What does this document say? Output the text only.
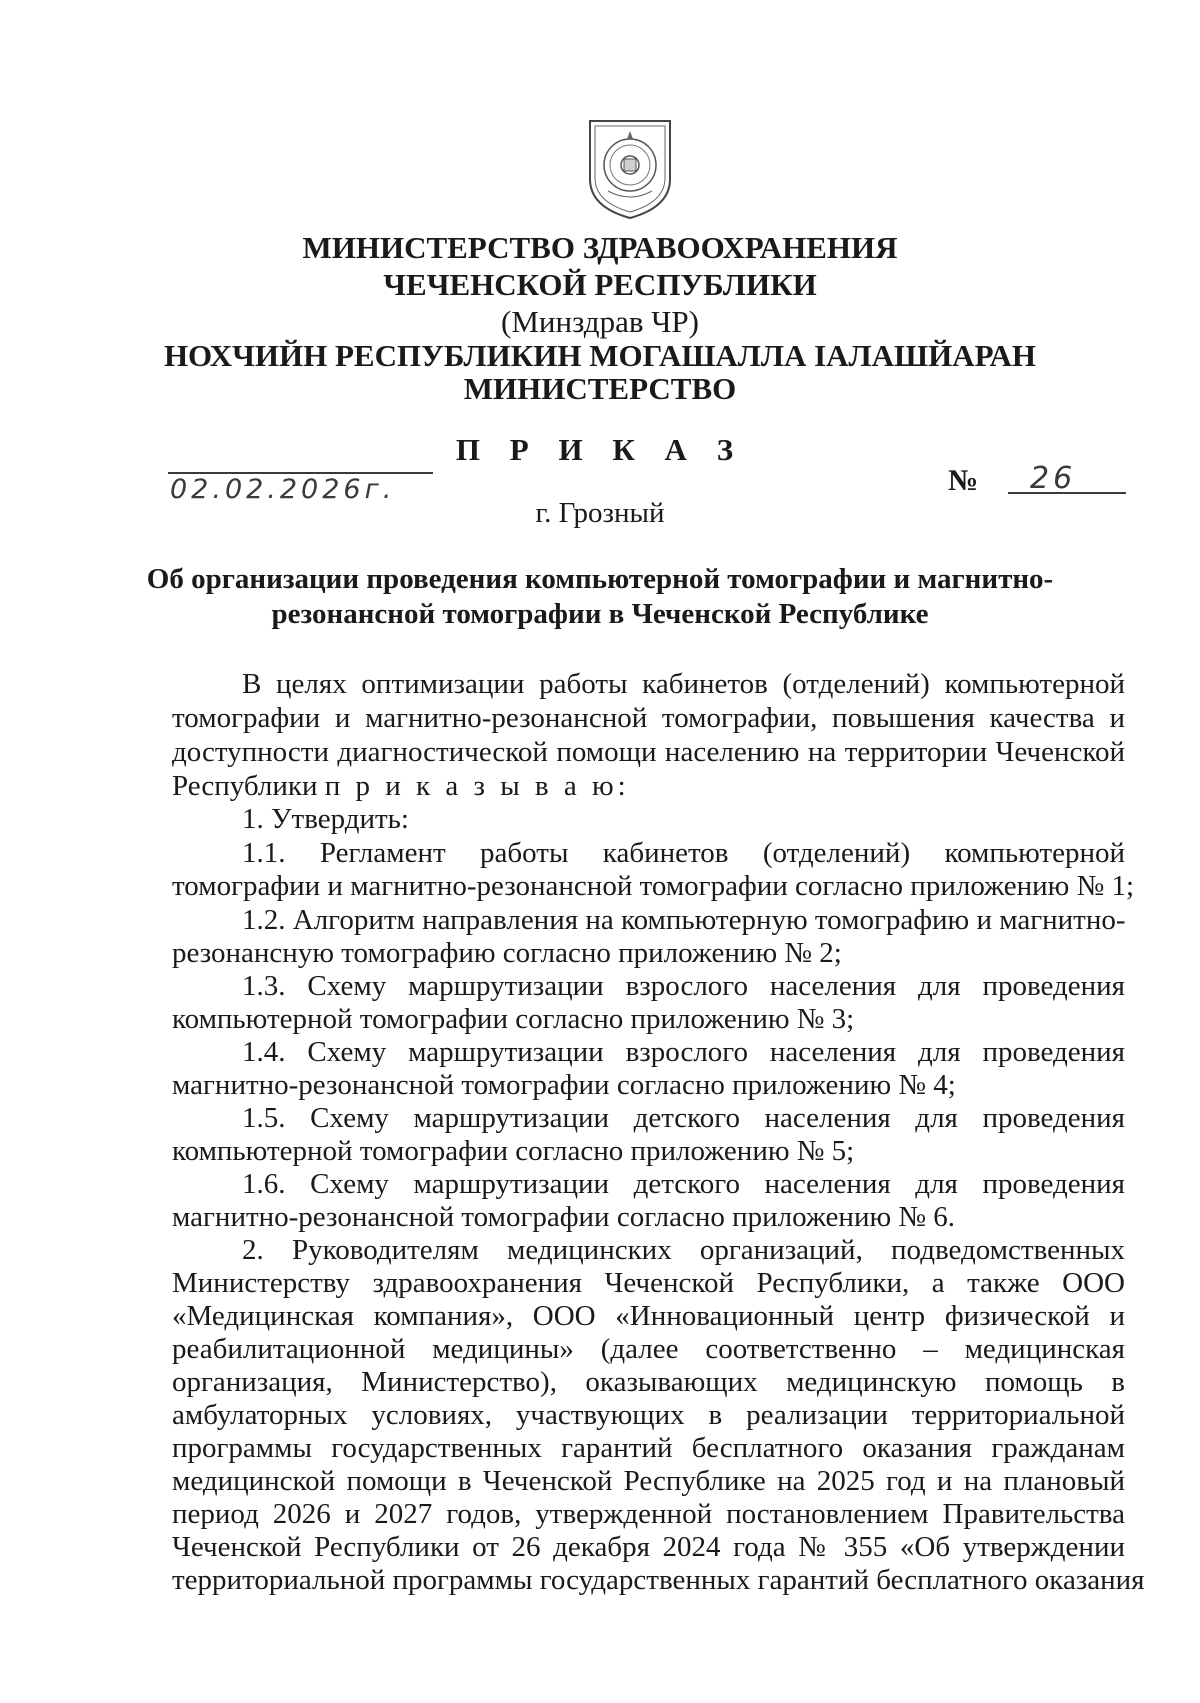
МИНИСТЕРСТВО ЗДРАВООХРАНЕНИЯ
ЧЕЧЕНСКОЙ РЕСПУБЛИКИ
(Минздрав ЧР)
НОХЧИЙН РЕСПУБЛИКИН МОГАШАЛЛА IАЛАШЙАРАН
МИНИСТЕРСТВО
П Р И К А З
02.02.2026г.	№ 26
г. Грозный
Об организации проведения компьютерной томографии и магнитно-
резонансной томографии в Чеченской Республике
В целях оптимизации работы кабинетов (отделений) компьютерной
томографии и магнитно-резонансной томографии, повышения качества и
доступности диагностической помощи населению на территории Чеченской
Республики п р и к а з ы в а ю:
1. Утвердить:
1.1. Регламент работы кабинетов (отделений) компьютерной
томографии и магнитно-резонансной томографии согласно приложению № 1;
1.2. Алгоритм направления на компьютерную томографию и магнитно-
резонансную томографию согласно приложению № 2;
1.3. Схему маршрутизации взрослого населения для проведения
компьютерной томографии согласно приложению № 3;
1.4. Схему маршрутизации взрослого населения для проведения
магнитно-резонансной томографии согласно приложению № 4;
1.5. Схему маршрутизации детского населения для проведения
компьютерной томографии согласно приложению № 5;
1.6. Схему маршрутизации детского населения для проведения
магнитно-резонансной томографии согласно приложению № 6.
2. Руководителям медицинских организаций, подведомственных
Министерству здравоохранения Чеченской Республики, а также ООО
«Медицинская компания», ООО «Инновационный центр физической и
реабилитационной медицины» (далее соответственно – медицинская
организация, Министерство), оказывающих медицинскую помощь в
амбулаторных условиях, участвующих в реализации территориальной
программы государственных гарантий бесплатного оказания гражданам
медицинской помощи в Чеченской Республике на 2025 год и на плановый
период 2026 и 2027 годов, утвержденной постановлением Правительства
Чеченской Республики от 26 декабря 2024 года № 355 «Об утверждении
территориальной программы государственных гарантий бесплатного оказания
